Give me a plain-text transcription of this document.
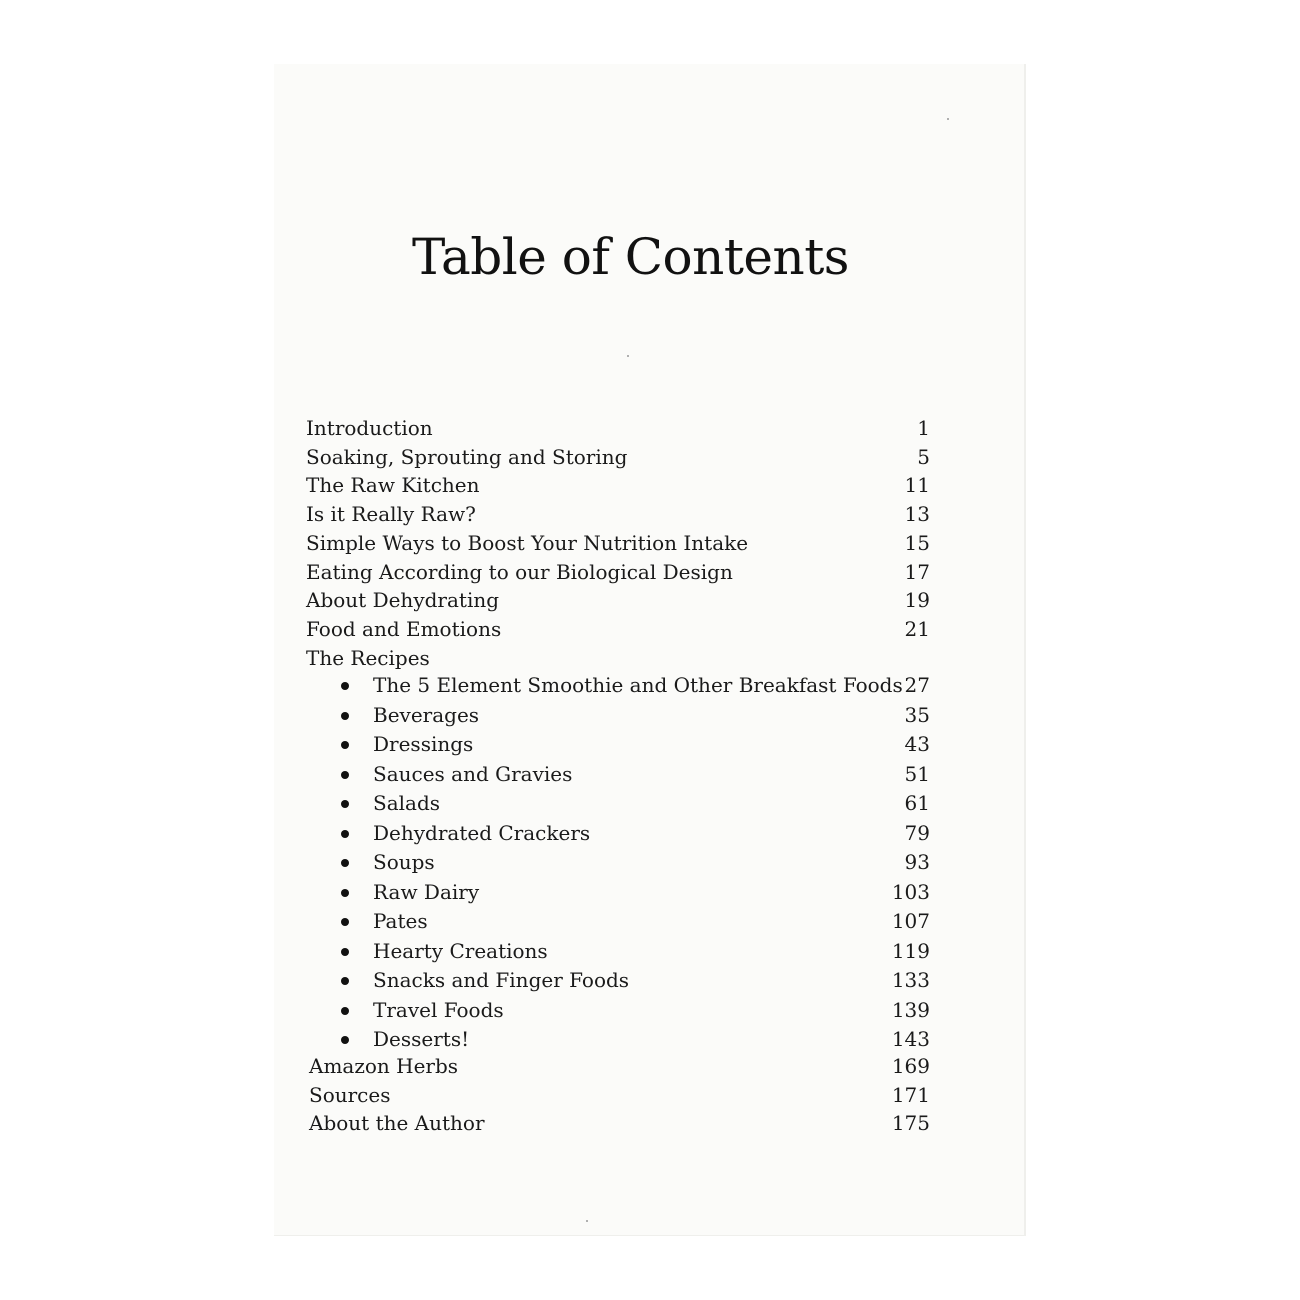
Table of Contents
Introduction	1
Soaking, Sprouting and Storing	5
The Raw Kitchen	11
Is it Really Raw?	13
Simple Ways to Boost Your Nutrition Intake	15
Eating According to our Biological Design	17
About Dehydrating	19
Food and Emotions	21
The Recipes
The 5 Element Smoothie and Other Breakfast Foods 27
Beverages	35
Dressings	43
Sauces and Gravies	51
Salads	61
Dehydrated Crackers	79
Soups	93
Raw Dairy	103
Pates	107
Hearty Creations	119
Snacks and Finger Foods	133
Travel Foods	139
Desserts!	143
Amazon Herbs	169
Sources	171
About the Author	175
